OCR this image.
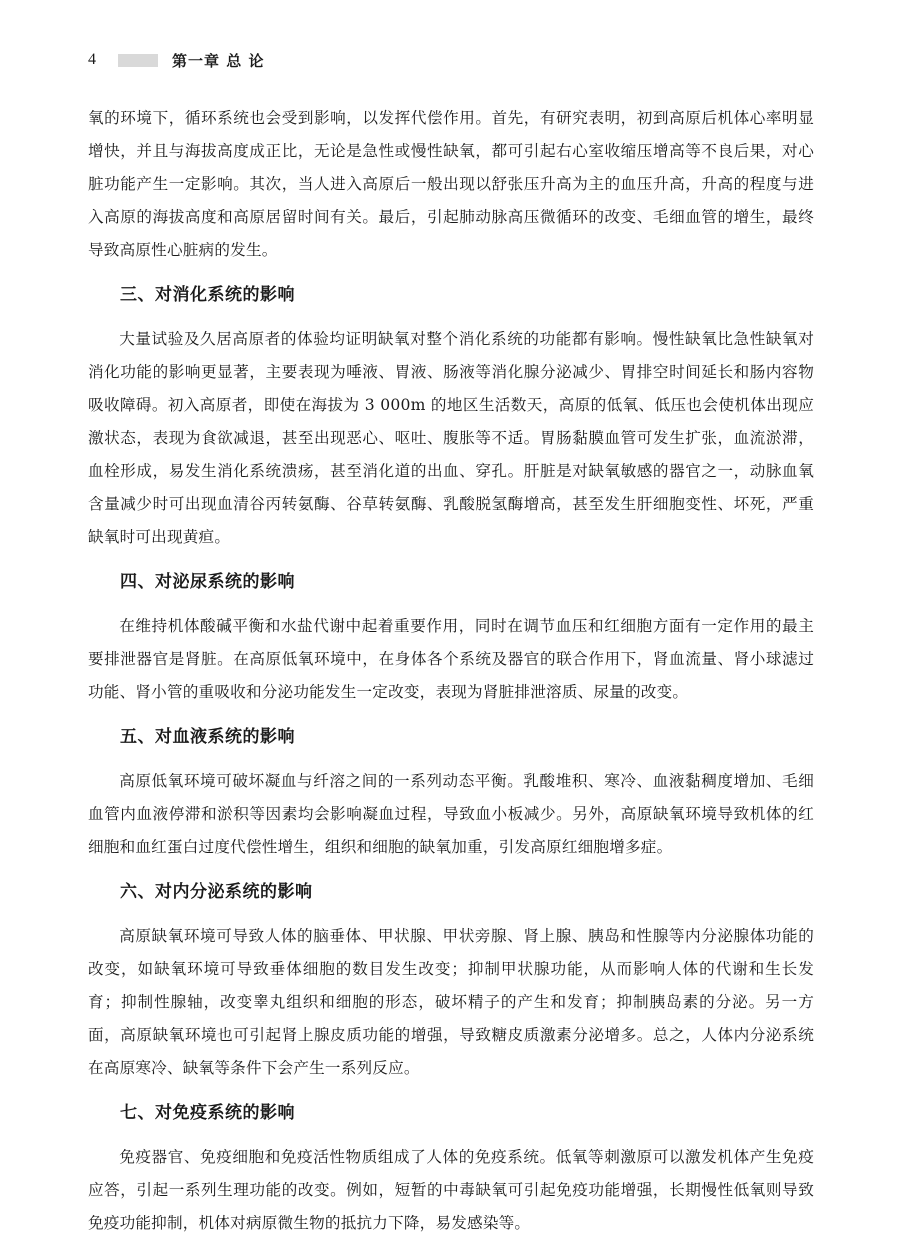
4	第一章 总 论

氧的环境下，循环系统也会受到影响，以发挥代偿作用。首先，有研究表明，初到高原后机体心率明显增快，并且与海拔高度成正比，无论是急性或慢性缺氧，都可引起右心室收缩压增高等不良后果，对心脏功能产生一定影响。其次，当人进入高原后一般出现以舒张压升高为主的血压升高，升高的程度与进入高原的海拔高度和高原居留时间有关。最后，引起肺动脉高压微循环的改变、毛细血管的增生，最终导致高原性心脏病的发生。

三、对消化系统的影响

大量试验及久居高原者的体验均证明缺氧对整个消化系统的功能都有影响。慢性缺氧比急性缺氧对消化功能的影响更显著，主要表现为唾液、胃液、肠液等消化腺分泌减少、胃排空时间延长和肠内容物吸收障碍。初入高原者，即使在海拔为 3 000m 的地区生活数天，高原的低氧、低压也会使机体出现应激状态，表现为食欲减退，甚至出现恶心、呕吐、腹胀等不适。胃肠黏膜血管可发生扩张，血流淤滞，血栓形成，易发生消化系统溃疡，甚至消化道的出血、穿孔。肝脏是对缺氧敏感的器官之一，动脉血氧含量减少时可出现血清谷丙转氨酶、谷草转氨酶、乳酸脱氢酶增高，甚至发生肝细胞变性、坏死，严重缺氧时可出现黄疸。

四、对泌尿系统的影响

在维持机体酸碱平衡和水盐代谢中起着重要作用，同时在调节血压和红细胞方面有一定作用的最主要排泄器官是肾脏。在高原低氧环境中，在身体各个系统及器官的联合作用下，肾血流量、肾小球滤过功能、肾小管的重吸收和分泌功能发生一定改变，表现为肾脏排泄溶质、尿量的改变。

五、对血液系统的影响

高原低氧环境可破坏凝血与纤溶之间的一系列动态平衡。乳酸堆积、寒冷、血液黏稠度增加、毛细血管内血液停滞和淤积等因素均会影响凝血过程，导致血小板减少。另外，高原缺氧环境导致机体的红细胞和血红蛋白过度代偿性增生，组织和细胞的缺氧加重，引发高原红细胞增多症。

六、对内分泌系统的影响

高原缺氧环境可导致人体的脑垂体、甲状腺、甲状旁腺、肾上腺、胰岛和性腺等内分泌腺体功能的改变，如缺氧环境可导致垂体细胞的数目发生改变；抑制甲状腺功能，从而影响人体的代谢和生长发育；抑制性腺轴，改变睾丸组织和细胞的形态，破坏精子的产生和发育；抑制胰岛素的分泌。另一方面，高原缺氧环境也可引起肾上腺皮质功能的增强，导致糖皮质激素分泌增多。总之，人体内分泌系统在高原寒冷、缺氧等条件下会产生一系列反应。

七、对免疫系统的影响

免疫器官、免疫细胞和免疫活性物质组成了人体的免疫系统。低氧等刺激原可以激发机体产生免疫应答，引起一系列生理功能的改变。例如，短暂的中毒缺氧可引起免疫功能增强，长期慢性低氧则导致免疫功能抑制，机体对病原微生物的抵抗力下降，易发感染等。
